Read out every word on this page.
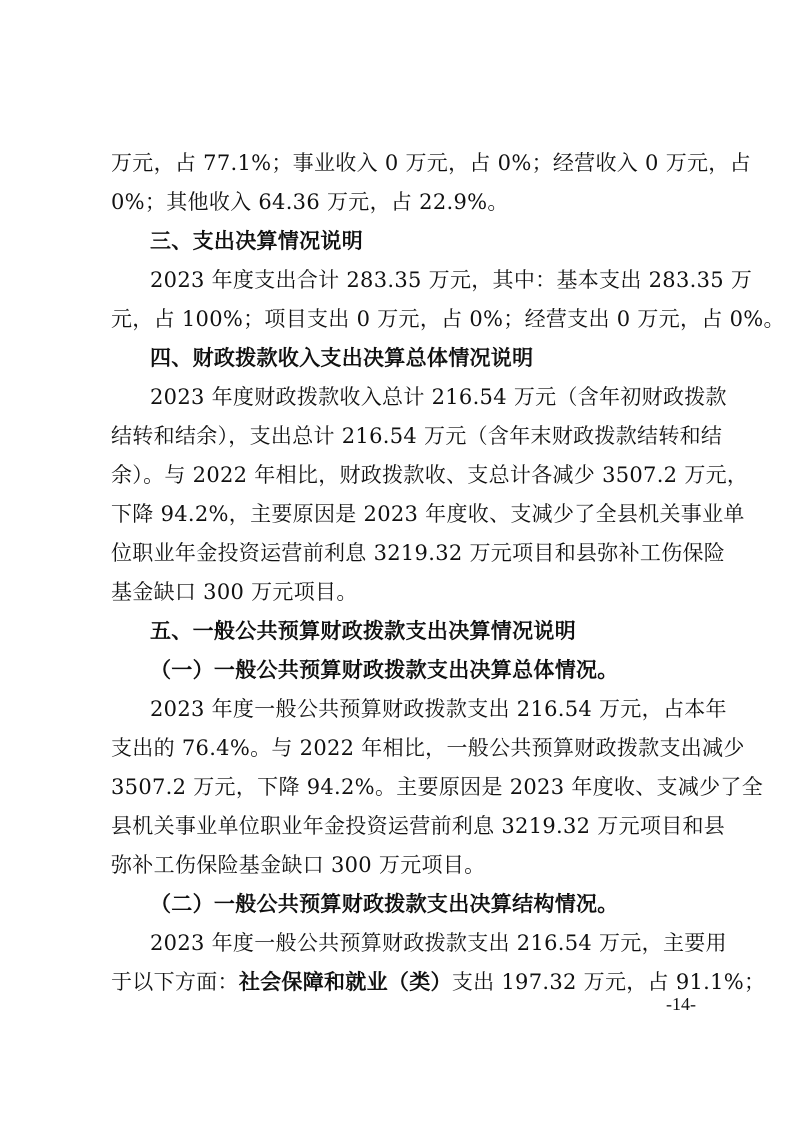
万元，占 77.1%；事业收入 0 万元，占 0%；经营收入 0 万元，占
0%；其他收入 64.36 万元，占 22.9%。
三、支出决算情况说明
2023 年度支出合计 283.35 万元，其中：基本支出 283.35 万
元，占 100%；项目支出 0 万元，占 0%；经营支出 0 万元，占 0%。
四、财政拨款收入支出决算总体情况说明
2023 年度财政拨款收入总计 216.54 万元（含年初财政拨款
结转和结余），支出总计 216.54 万元（含年末财政拨款结转和结
余）。与 2022 年相比，财政拨款收、支总计各减少 3507.2 万元，
下降 94.2%，主要原因是 2023 年度收、支减少了全县机关事业单
位职业年金投资运营前利息 3219.32 万元项目和县弥补工伤保险
基金缺口 300 万元项目。
五、一般公共预算财政拨款支出决算情况说明
（一）一般公共预算财政拨款支出决算总体情况。
2023 年度一般公共预算财政拨款支出 216.54 万元，占本年
支出的 76.4%。与 2022 年相比，一般公共预算财政拨款支出减少
3507.2 万元，下降 94.2%。主要原因是 2023 年度收、支减少了全
县机关事业单位职业年金投资运营前利息 3219.32 万元项目和县
弥补工伤保险基金缺口 300 万元项目。
（二）一般公共预算财政拨款支出决算结构情况。
2023 年度一般公共预算财政拨款支出 216.54 万元，主要用
于以下方面：社会保障和就业（类）支出 197.32 万元，占 91.1%；
-14-
